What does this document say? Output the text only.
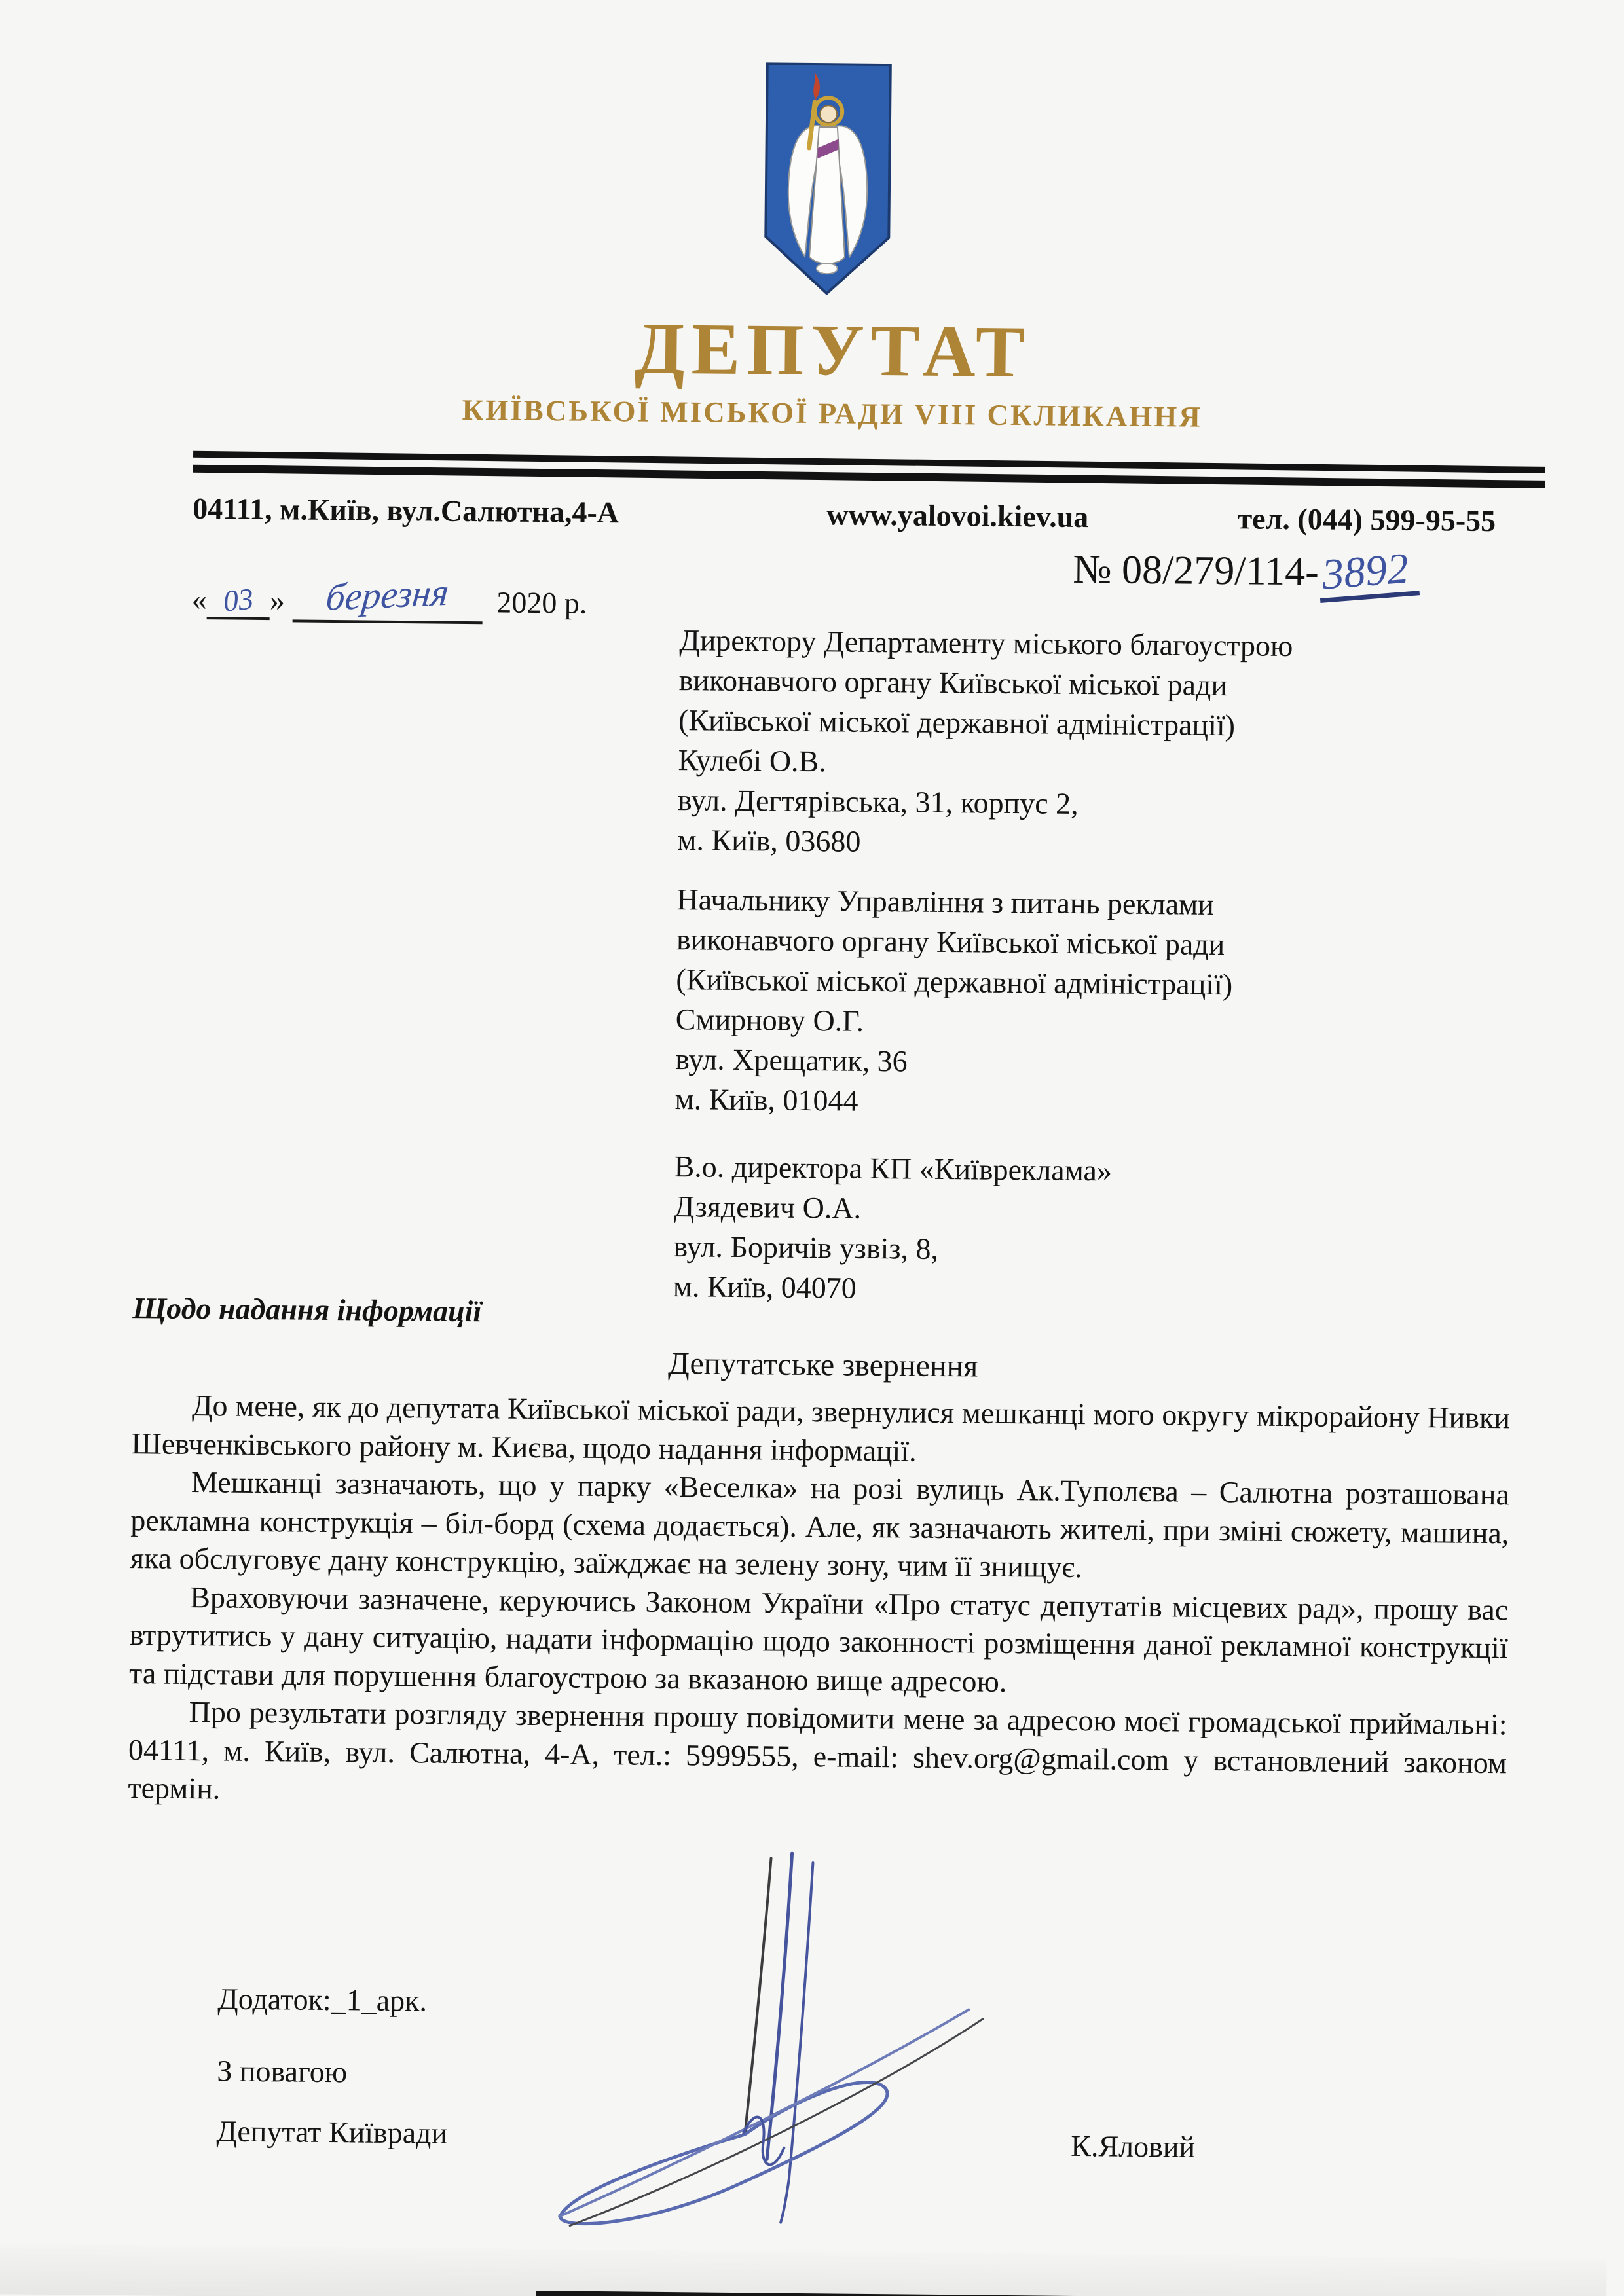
ДЕПУТАТ
КИЇВСЬКОЇ МІСЬКОЇ РАДИ VIII СКЛИКАННЯ
04111, м.Київ, вул.Салютна,4-А	www.yalovoi.kiev.ua	тел. (044) 599-95-55
« 03 » березня 2020 р.
№ 08/279/114-3892
Директору Департаменту міського благоустрою
виконавчого органу Київської міської ради
(Київської міської державної адміністрації)
Кулебі О.В.
вул. Дегтярівська, 31, корпус 2,
м. Київ, 03680
Начальнику Управління з питань реклами
виконавчого органу Київської міської ради
(Київської міської державної адміністрації)
Смирнову О.Г.
вул. Хрещатик, 36
м. Київ, 01044
В.о. директора КП «Київреклама»
Дзядевич О.А.
вул. Боричів узвіз, 8,
м. Київ, 04070
Щодо надання інформації
Депутатське звернення

До мене, як до депутата Київської міської ради, звернулися мешканці мого округу мікрорайону Нивки Шевченківського району м. Києва, щодо надання інформації.

Мешканці зазначають, що у парку «Веселка» на розі вулиць Ак.Туполєва – Салютна розташована рекламна конструкція – біл-борд (схема додається). Але, як зазначають жителі, при зміні сюжету, машина, яка обслуговує дану конструкцію, заїжджає на зелену зону, чим її знищує.

Враховуючи зазначене, керуючись Законом України «Про статус депутатів місцевих рад», прошу вас втрутитись у дану ситуацію, надати інформацію щодо законності розміщення даної рекламної конструкції та підстави для порушення благоустрою за вказаною вище адресою.

Про результати розгляду звернення прошу повідомити мене за адресою моєї громадської приймальні: 04111, м. Київ, вул. Салютна, 4-А, тел.: 5999555, e-mail: shev.org@gmail.com у встановлений законом термін.

Додаток:_1_арк.
З повагою
Депутат Київради	К.Яловий
